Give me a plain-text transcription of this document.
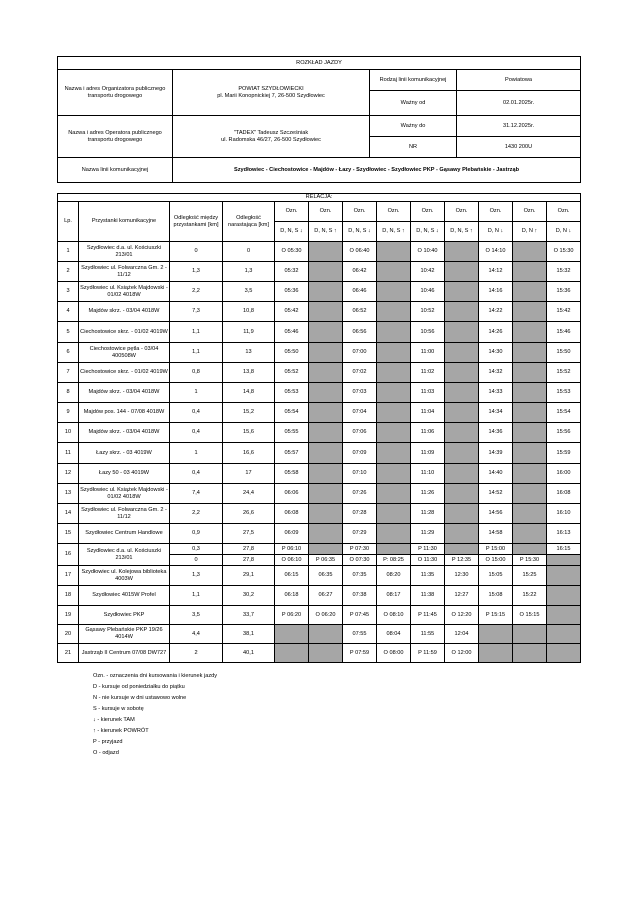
ROZKŁAD JAZDY			
Nazwa i adres Organizatora publicznego transportu drogowego	POWIAT SZYDŁOWIECKI
pl. Marii Konopnickiej 7, 26-500 Szydłowiec	Rodzaj linii komunikacyjnej	Powiatowa
		Ważny od	02.01.2025r.
Nazwa i adres Operatora publicznego transportu drogowego	"TADEX" Tadeusz Szcześniak
ul. Radomska 46/27, 26-500 Szydłowiec	Ważny do	31.12.2025r.
		NR	1430 200U
Nazwa linii komunikacyjnej	Szydłowiec - Ciechostowice - Majdów - Łazy - Szydłowiec - Szydłowiec PKP - Gąsawy Plebańskie - Jastrząb		
RELACJA:												
Lp.	Przystanki komunikacyjne	Odległość między przystankami [km]	Odległość narastająca [km]	Ozn.	Ozn.	Ozn.	Ozn.	Ozn.	Ozn.	Ozn.	Ozn.	Ozn.
				D, N, S ↓	D, N, S ↑	D, N, S ↓	D, N, S ↑	D, N, S ↓	D, N, S ↑	D, N ↓	D, N ↑	D, N ↓
1	Szydłowiec d.a. ul. Kościuszki 213/01	0	0	O 05:30		O 06:40		O 10:40		O 14:10		O 15:30
2	Szydłowiec ul. Folwarczna Gm. 2 - 11/12	1,3	1,3	05:32		06:42		10:42		14:12		15:32
3	Szydłowiec ul. Książek Majdowski - 01/02 4018W	2,2	3,5	05:36		06:46		10:46		14:16		15:36
4	Majdów skrz. - 03/04 4018W	7,3	10,8	05:42		06:52		10:52		14:22		15:42
5	Ciechostowice skrz. - 01/02 4019W	1,1	11,9	05:46		06:56		10:56		14:26		15:46
6	Ciechostowice pętla - 03/04 400508W	1,1	13	05:50		07:00		11:00		14:30		15:50
7	Ciechostowice skrz. - 01/02 4019W	0,8	13,8	05:52		07:02		11:02		14:32		15:52
8	Majdów skrz. - 03/04 4018W	1	14,8	05:53		07:03		11:03		14:33		15:53
9	Majdów pos. 144 - 07/08 4018W	0,4	15,2	05:54		07:04		11:04		14:34		15:54
10	Majdów skrz. - 03/04 4018W	0,4	15,6	05:55		07:06		11:06		14:36		15:56
11	Łazy skrz. - 03 4019W	1	16,6	05:57		07:09		11:09		14:39		15:59
12	Łazy 50 - 03 4019W	0,4	17	05:58		07:10		11:10		14:40		16:00
13	Szydłowiec ul. Książek Majdowski - 01/02 4018W	7,4	24,4	06:06		07:26		11:26		14:52		16:08
14	Szydłowiec ul. Folwarczna Gm. 2 - 11/12	2,2	26,6	06:08		07:28		11:28		14:56		16:10
15	Szydłowiec Centrum Handlowe	0,9	27,5	06:09		07:29		11:29		14:58		16:13
16	Szydłowiec d.a. ul. Kościuszki 213/01	0,3	27,8	P 06:10		P 07:30		P 11:30		P 15:00		16:15
		0	27,8	O 06:10	P 06:35	O 07:30	P: 08:25	O 11:30	P 12:35	O 15:00	P 15:30	
17	Szydłowiec ul. Kolejowa biblioteka 4003W	1,3	29,1	06:15	06:35	07:35	08:20	11:35	12:30	15:05	15:25	
18	Szydłowiec 4015W Profel	1,1	30,2	06:18	06:27	07:38	08:17	11:38	12:27	15:08	15:22	
19	Szydłowiec PKP	3,5	33,7	P 06:20	O 06:20	P 07:45	O 08:10	P 11:45	O 12:20	P 15:15	O 15:15	
20	Gąsawy Plebańskie PKP 19/26 4014W	4,4	38,1			07:55	08:04	11:55	12:04			
21	Jastrząb II Centrum 07/08 DW727	2	40,1			P 07:59	O 08:00	P 11:59	O 12:00			
Ozn. - oznaczenia dni kursowania i kierunek jazdy
D - kursuje od poniedziałku do piątku
N - nie kursuje w dni ustawowo wolne
S - kursuje w sobotę
↓ - kierunek TAM
↑ - kierunek POWRÓT
P - przyjazd
O - odjazd
